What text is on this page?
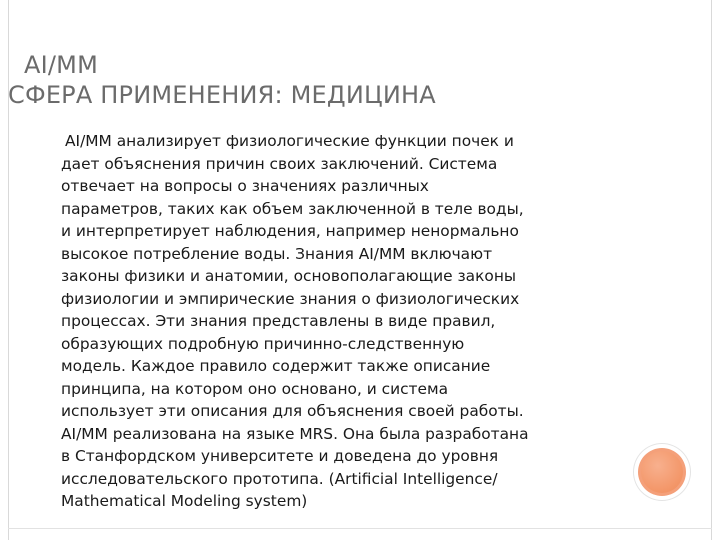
AI/MM
СФЕРА ПРИМЕНЕНИЯ: МЕДИЦИНА

AI/MM анализирует физиологические функции почек и
дает объяснения причин своих заключений. Система
отвечает на вопросы о значениях различных
параметров, таких как объем заключенной в теле воды,
и интерпретирует наблюдения, например ненормально
высокое потребление воды. Знания AI/MM включают
законы физики и анатомии, основополагающие законы
физиологии и эмпирические знания о физиологических
процессах. Эти знания представлены в виде правил,
образующих подробную причинно-следственную
модель. Каждое правило содержит также описание
принципа, на котором оно основано, и система
использует эти описания для объяснения своей работы.
AI/MM реализована на языке MRS. Она была разработана
в Станфордском университете и доведена до уровня
исследовательского прототипа. (Artificial Intelligence/
Mathematical Modeling system)
